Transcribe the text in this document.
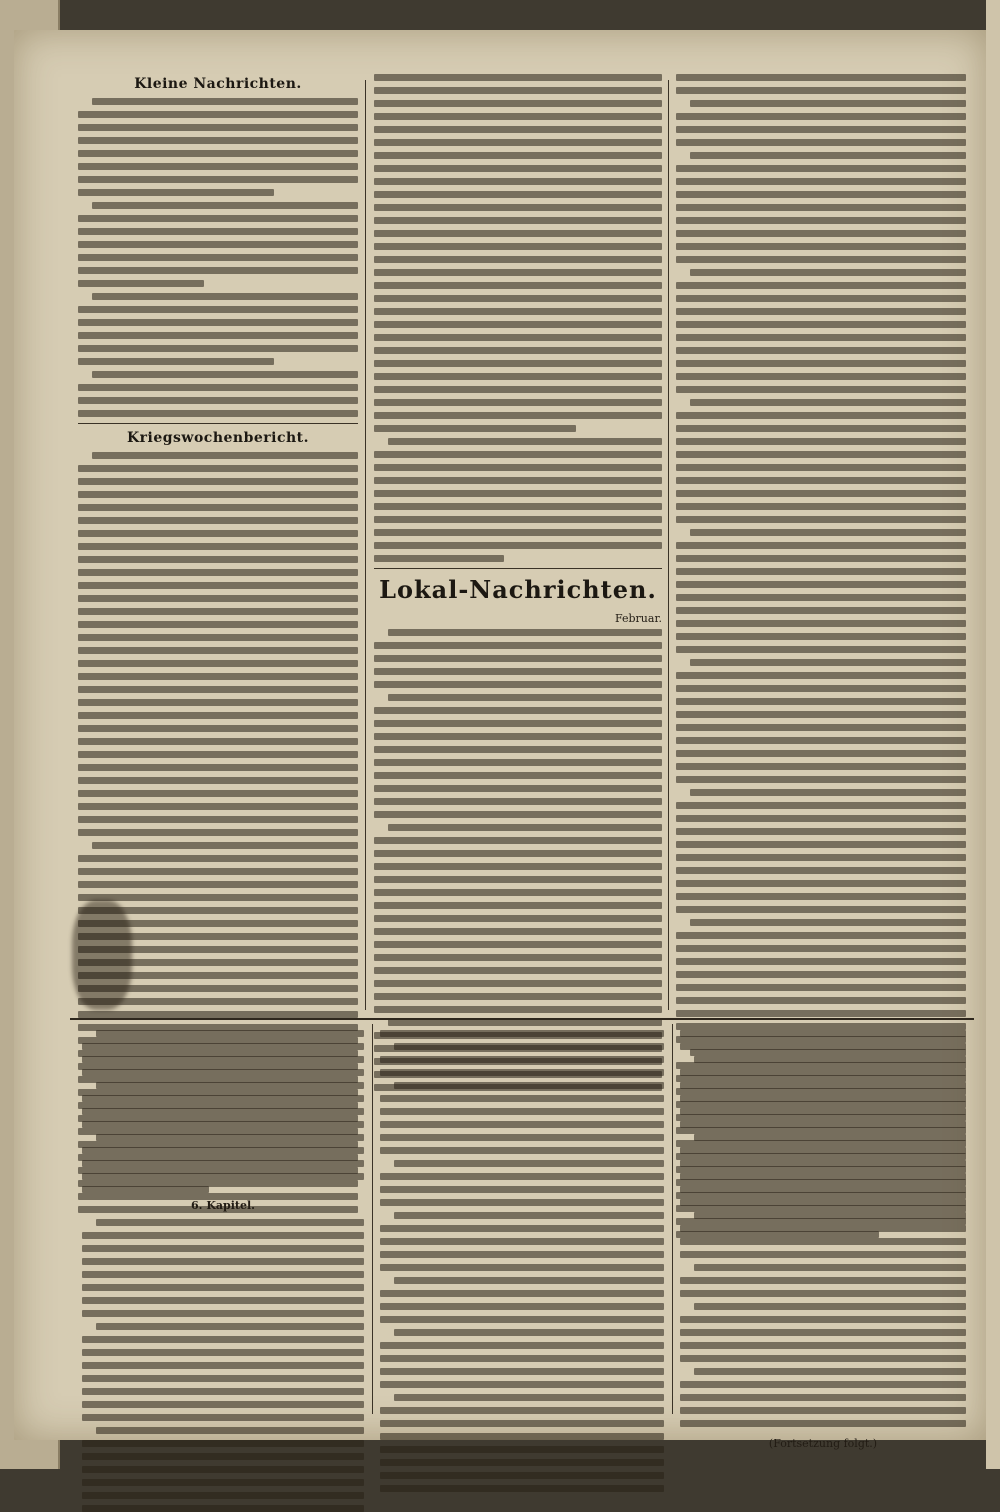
Kleine Nachrichten.
Kriegswochenbericht.
Lokal-Nachrichten.
Februar.
6. Kapitel.
(Fortsetzung folgt.)
